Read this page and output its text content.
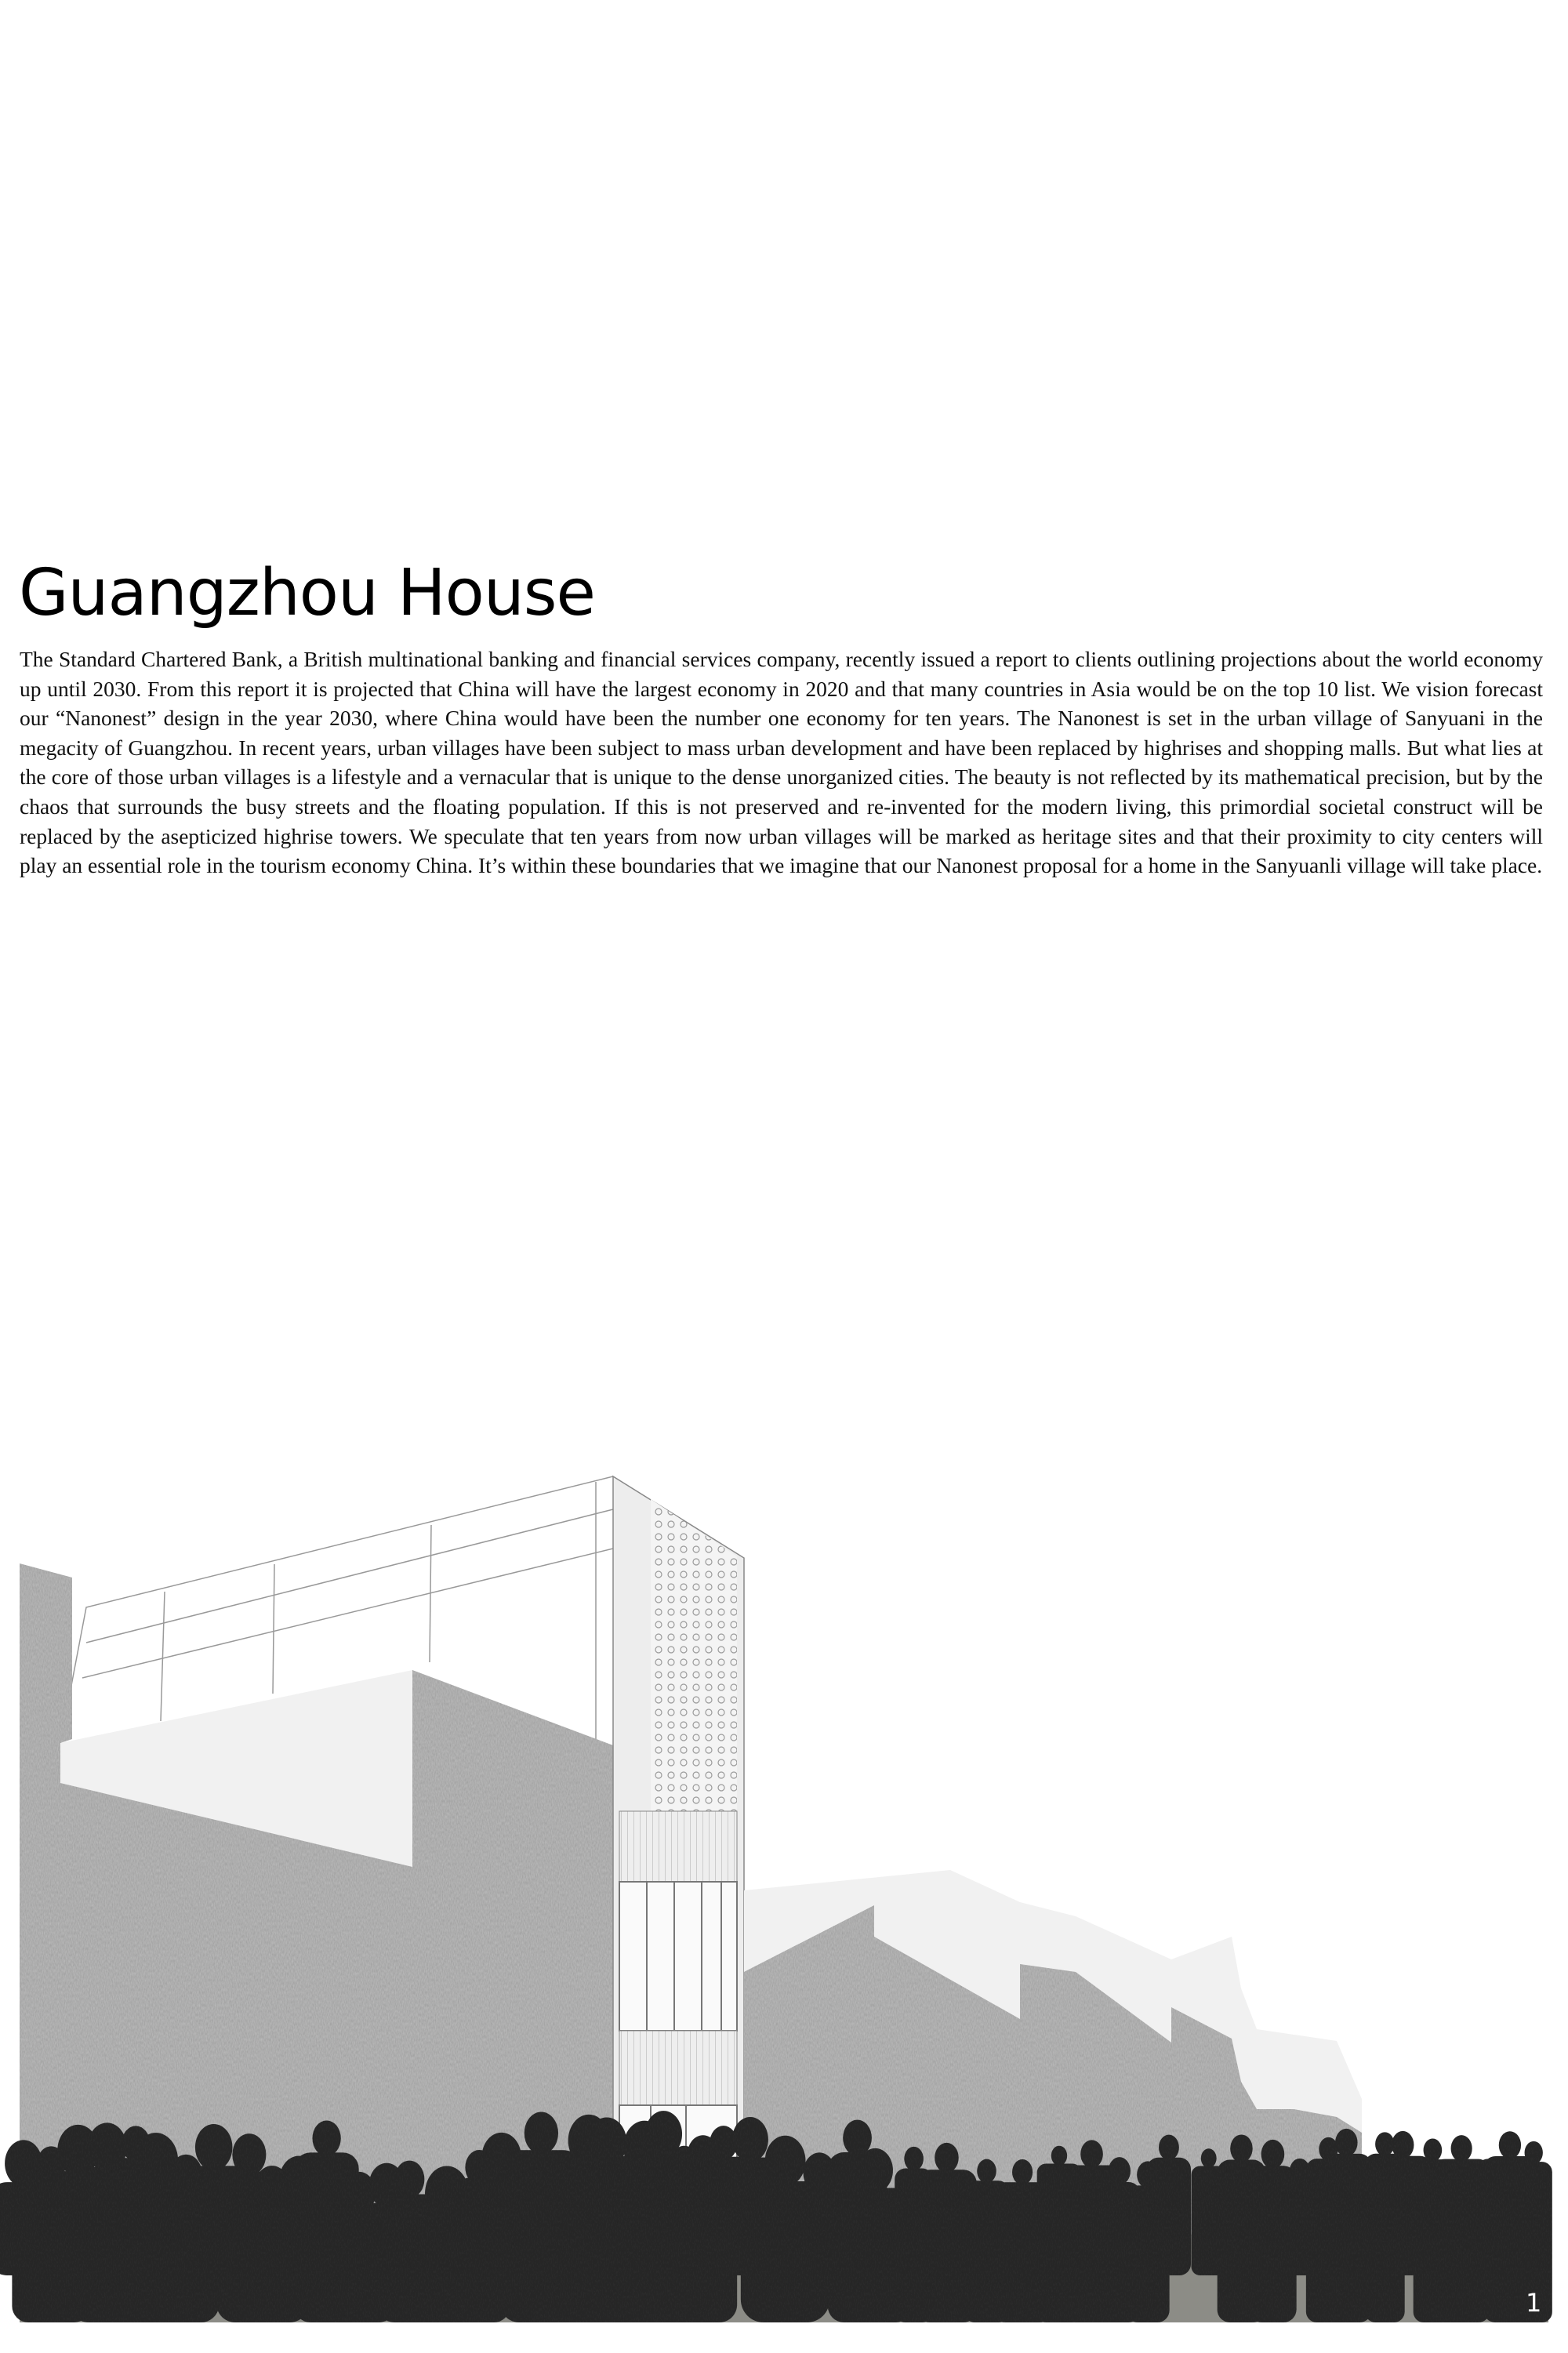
Guangzhou House

The Standard Chartered Bank, a British multinational banking and financial services company, recently issued a report to clients outlining projections about the world economy up until 2030. From this report it is projected that China will have the largest economy in 2020 and that many countries in Asia would be on the top 10 list. We vision forecast our “Nanonest” design in the year 2030, where China would have been the number one economy for ten years. The Nanonest is set in the urban village of Sanyuani in the megacity of Guangzhou. In recent years, urban villages have been subject to mass urban development and have been replaced by highrises and shopping malls. But what lies at the core of those urban villages is a lifestyle and a vernacular that is unique to the dense unorganized cities. The beauty is not reflected by its mathematical precision, but by the chaos that surrounds the busy streets and the floating population. If this is not preserved and re-invented for the modern living, this primordial societal construct will be replaced by the asepticized highrise towers. We speculate that ten years from now urban villages will be marked as heritage sites and that their proximity to city centers will play an essential role in the tourism economy China. It’s within these boundaries that we imagine that our Nanonest proposal for a home in the Sanyuanli village will take place.

1
